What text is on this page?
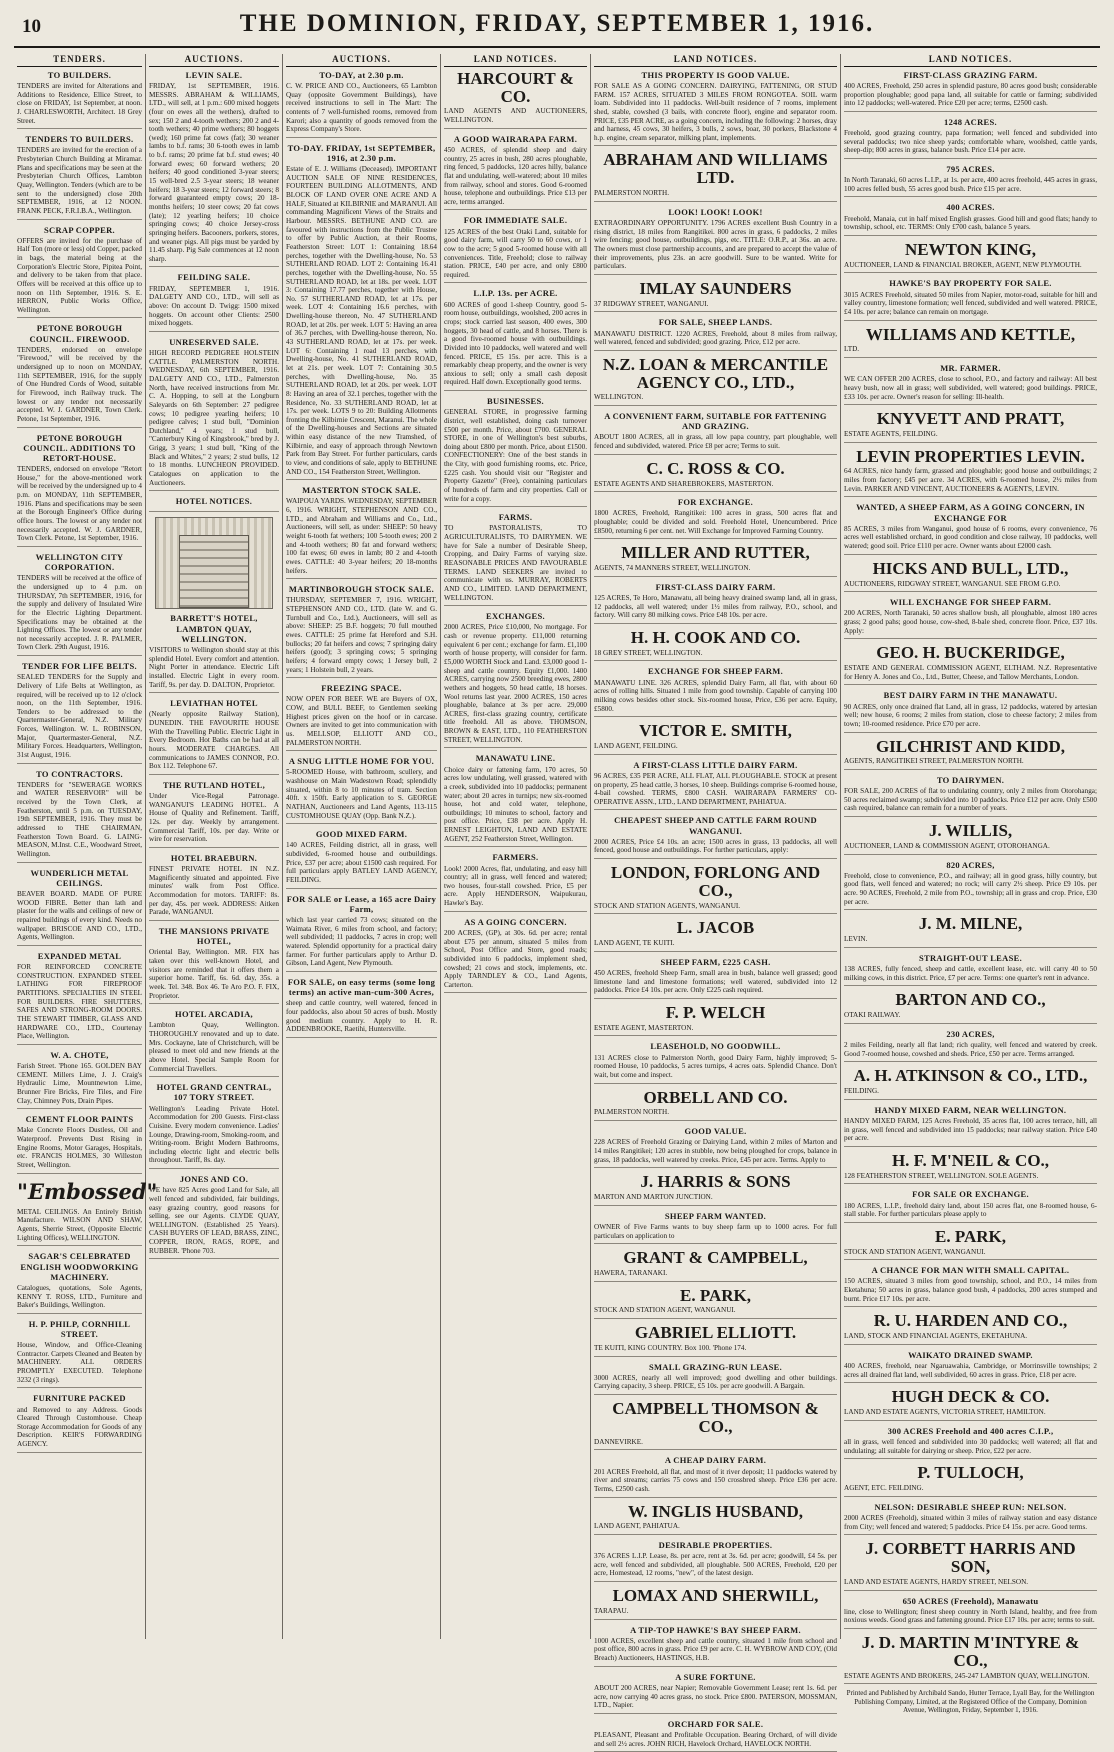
10	THE DOMINION, FRIDAY, SEPTEMBER 1, 1916.
TENDERS.
TO BUILDERS.
TENDERS are invited for Alterations and Additions to Residence, Ellice Street, to close on FRIDAY, 1st September, at noon. J. CHARLESWORTH, Architect. 18 Grey Street.
TENDERS TO BUILDERS.
TENDERS are invited for the erection of a Presbyterian Church Building at Miramar. Plans and specifications may be seen at the Presbyterian Church Offices, Lambton Quay, Wellington. Tenders (which are to be sent to the undersigned) close 20th SEPTEMBER, 1916, at 12 NOON. FRANK PECK, F.R.I.B.A., Wellington.
SCRAP COPPER.
OFFERS are invited for the purchase of Half Ton (more or less) old Copper, packed in bags, the material being at the Corporation's Electric Store, Pipitea Point, and delivery to be taken from that place. Offers will be received at this office up to noon on 11th September, 1916. S. E. HERRON, Public Works Office, Wellington.
PETONE BOROUGH COUNCIL. FIREWOOD.
TENDERS, endorsed on envelope "Firewood," will be received by the undersigned up to noon on MONDAY, 11th SEPTEMBER, 1916, for the supply of One Hundred Cords of Wood, suitable for Firewood, inch Railway truck. The lowest or any tender not necessarily accepted. W. J. GARDNER, Town Clerk. Petone, 1st September, 1916.
PETONE BOROUGH COUNCIL. ADDITIONS TO RETORT-HOUSE.
TENDERS, endorsed on envelope "Retort House," for the above-mentioned work will be received by the undersigned up to 4 p.m. on MONDAY, 11th SEPTEMBER, 1916. Plans and specifications may be seen at the Borough Engineer's Office during office hours. The lowest or any tender not necessarily accepted. W. J. GARDNER, Town Clerk. Petone, 1st September, 1916.
WELLINGTON CITY CORPORATION.
TENDERS will be received at the office of the undersigned up to 4 p.m. on THURSDAY, 7th SEPTEMBER, 1916, for the supply and delivery of Insulated Wire for the Electric Lighting Department. Specifications may be obtained at the Lighting Offices. The lowest or any tender not necessarily accepted. J. R. PALMER, Town Clerk. 29th August, 1916.
TENDER FOR LIFE BELTS.
SEALED TENDERS for the Supply and Delivery of Life Belts at Wellington, as required, will be received up to 12 o'clock noon, on the 11th September, 1916. Tenders to be addressed to the Quartermaster-General, N.Z. Military Forces, Wellington. W. L. ROBINSON, Major, Quartermaster-General, N.Z. Military Forces. Headquarters, Wellington, 31st August, 1916.
TO CONTRACTORS.
TENDERS for "SEWERAGE WORKS and WATER RESERVOIR" will be received by the Town Clerk, at Featherston, until 5 p.m. on TUESDAY, 19th SEPTEMBER, 1916. They must be addressed to THE CHAIRMAN, Featherston Town Board. G. LAING-MEASON, M.Inst. C.E., Woodward Street, Wellington.
WUNDERLICH METAL CEILINGS.
BEAVER BOARD. MADE OF PURE WOOD FIBRE. Better than lath and plaster for the walls and ceilings of new or repaired buildings of every kind. Needs no wallpaper. BRISCOE AND CO., LTD., Agents, Wellington.
EXPANDED METAL
FOR REINFORCED CONCRETE CONSTRUCTION. EXPANDED STEEL LATHING FOR FIREPROOF PARTITIONS. SPECIALTIES IN STEEL FOR BUILDERS. FIRE SHUTTERS, SAFES AND STRONG-ROOM DOORS. THE STEWART TIMBER, GLASS AND HARDWARE CO., LTD., Courtenay Place, Wellington.
W. A. CHOTE,
Farish Street. 'Phone 165. GOLDEN BAY CEMENT. Millers Lime, J. J. Craig's Hydraulic Lime, Mountnewton Lime, Brunner Fire Bricks, Fire Tiles, and Fire Clay, Chimney Pots, Drain Pipes.
CEMENT FLOOR PAINTS
Make Concrete Floors Dustless, Oil and Waterproof. Prevents Dust Rising in Engine Rooms, Motor Garages, Hospitals, etc. FRANCIS HOLMES, 30 Willeston Street, Wellington.
"Embossed"
METAL CEILINGS. An Entirely British Manufacture. WILSON AND SHAW, Agents, Sherrie Street, (Opposite Electric Lighting Offices), WELLINGTON.
SAGAR'S CELEBRATED ENGLISH WOODWORKING MACHINERY.
Catalogues, quotations, Sole Agents, KENNY T. ROSS, LTD., Furniture and Baker's Buildings, Wellington.
H. P. PHILP, CORNHILL STREET.
House, Window, and Office-Cleaning Contractor. Carpets Cleaned and Beaten by MACHINERY. ALL ORDERS PROMPTLY EXECUTED. Telephone 3232 (3 rings).
FURNITURE PACKED
and Removed to any Address. Goods Cleared Through Customhouse. Cheap Storage Accommodation for Goods of any Description. KEIR'S FORWARDING AGENCY.
AUCTIONS.
LEVIN SALE.
FRIDAY, 1st SEPTEMBER, 1916. MESSRS. ABRAHAM & WILLIAMS, LTD., will sell, at 1 p.m.: 600 mixed hoggets (four on ewes all the wethers), drafted to sex; 150 2 and 4-tooth wethers; 200 2 and 4-tooth wethers; 40 prime wethers; 80 hoggets (wed); 160 prime fat cows (fat); 30 weaner lambs to b.f. rams; 30 6-tooth ewes in lamb to b.f. rams; 20 prime fat b.f. stud ewes; 40 forward ewes; 60 forward wethers; 20 heifers; 40 good conditioned 3-year steers; 15 well-bred 2.5 3-year steers; 18 weaner heifers; 18 3-year steers; 12 forward steers; 8 forward guaranteed empty cows; 20 18-months heifers; 10 steer cows; 20 fat cows (late); 12 yearling heifers; 10 choice springing cows; 40 choice Jersey-cross springing heifers. Bacooners, porkers, stores, and weaner pigs. All pigs must be yarded by 11.45 sharp. Pig Sale commences at 12 noon sharp.
FEILDING SALE.
FRIDAY, SEPTEMBER 1, 1916. DALGETY AND CO., LTD., will sell as above: On account D. Twigg: 1500 mixed hoggets. On account other Clients: 2500 mixed hoggets.
UNRESERVED SALE.
HIGH RECORD PEDIGREE HOLSTEIN CATTLE. PALMERSTON NORTH. WEDNESDAY, 6th SEPTEMBER, 1916. DALGETY AND CO., LTD., Palmerston North, have received instructions from Mr. C. A. Hopping, to sell at the Longburn Saleyards on 6th September: 27 pedigree cows; 10 pedigree yearling heifers; 10 pedigree calves; 1 stud bull, "Dominion Dutchland," 4 years; 1 stud bull, "Canterbury King of Kingsbrook," bred by J. Grigg, 3 years; 1 stud bull, "King of the Black and Whites," 2 years; 2 stud bulls, 12 to 18 months. LUNCHEON PROVIDED. Catalogues on application to the Auctioneers.
HOTEL NOTICES.
BARRETT'S HOTEL, LAMBTON QUAY, WELLINGTON.
VISITORS to Wellington should stay at this splendid Hotel. Every comfort and attention. Night Porter in attendance. Electric Lift installed. Electric Light in every room. Tariff, 9s. per day. D. DALTON, Proprietor.
LEVIATHAN HOTEL
(Nearly opposite Railway Station), DUNEDIN. THE FAVOURITE HOUSE With the Travelling Public. Electric Light in Every Bedroom. Hot Baths can be had at all hours. MODERATE CHARGES. All communications to JAMES CONNOR, P.O. Box 112. Telephone 67.
THE RUTLAND HOTEL,
Under Vice-Regal Patronage. WANGANUI'S LEADING HOTEL. A House of Quality and Refinement. Tariff, 12s. per day. Weekly by arrangement. Commercial Tariff, 10s. per day. Write or wire for reservation.
HOTEL BRAEBURN.
FINEST PRIVATE HOTEL IN N.Z. Magnificently situated and appointed. Five minutes' walk from Post Office. Accommodation for motors. TARIFF: 8s. per day, 45s. per week. ADDRESS: Aitken Parade, WANGANUI.
THE MANSIONS PRIVATE HOTEL,
Oriental Bay, Wellington. MR. FIX has taken over this well-known Hotel, and visitors are reminded that it offers them a superior home. Tariff, 6s. 6d. day, 35s. a week. Tel. 348. Box 46. Te Aro P.O. F. FIX, Proprietor.
HOTEL ARCADIA,
Lambton Quay, Wellington. THOROUGHLY renovated and up to date. Mrs. Cockayne, late of Christchurch, will be pleased to meet old and new friends at the above Hotel. Special Sample Room for Commercial Travellers.
HOTEL GRAND CENTRAL, 107 TORY STREET.
Wellington's Leading Private Hotel. Accommodation for 200 Guests. First-class Cuisine. Every modern convenience. Ladies' Lounge, Drawing-room, Smoking-room, and Writing-room. Bright Modern Bathrooms, including electric light and electric bells throughout. Tariff, 8s. day.
JONES AND CO.
WE have 825 Acres good Land for Sale, all well fenced and subdivided, fair buildings, easy grazing country, good reasons for selling, see our Agents. CLYDE QUAY, WELLINGTON. (Established 25 Years). CASH BUYERS OF LEAD, BRASS, ZINC, COPPER, IRON, RAGS, ROPE, and RUBBER. 'Phone 703.
AUCTIONS.
TO-DAY, at 2.30 p.m.
C. W. PRICE AND CO., Auctioneers, 65 Lambton Quay (opposite Government Buildings), have received instructions to sell in The Mart: The contents of 7 well-furnished rooms, removed from Karori; also a quantity of goods removed from the Express Company's Store.
TO-DAY. FRIDAY, 1st SEPTEMBER, 1916, at 2.30 p.m.
Estate of E. J. Williams (Deceased). IMPORTANT AUCTION SALE OF NINE RESIDENCES, FOURTEEN BUILDING ALLOTMENTS, AND BLOCK OF LAND OVER ONE ACRE AND A HALF, Situated at KILBIRNIE and MARANUI. All commanding Magnificent Views of the Straits and Harbour. MESSRS. BETHUNE AND CO. are favoured with instructions from the Public Trustee to offer by Public Auction, at their Rooms, Featherston Street: LOT 1: Containing 18.64 perches, together with the Dwelling-house, No. 53 SUTHERLAND ROAD. LOT 2: Containing 16.41 perches, together with the Dwelling-house, No. 55 SUTHERLAND ROAD, let at 18s. per week. LOT 3: Containing 17.77 perches, together with House, No. 57 SUTHERLAND ROAD, let at 17s. per week. LOT 4: Containing 16.6 perches, with Dwelling-house thereon, No. 47 SUTHERLAND ROAD, let at 20s. per week. LOT 5: Having an area of 36.7 perches, with Dwelling-house thereon, No. 43 SUTHERLAND ROAD, let at 17s. per week. LOT 6: Containing 1 road 13 perches, with Dwelling-house, No. 41 SUTHERLAND ROAD, let at 21s. per week. LOT 7: Containing 30.5 perches, with Dwelling-house, No. 35 SUTHERLAND ROAD, let at 20s. per week. LOT 8: Having an area of 32.1 perches, together with the Residence, No. 33 SUTHERLAND ROAD, let at 17s. per week. LOTS 9 to 20: Building Allotments fronting the Kilbirnie Crescent, Maranui. The whole of the Dwelling-houses and Sections are situated within easy distance of the new Tramshed, of Kilbirnie, and easy of approach through Newtown Park from Bay Street. For further particulars, cards to view, and conditions of sale, apply to BETHUNE AND CO., 154 Featherston Street, Wellington.
MASTERTON STOCK SALE.
WAIPOUA YARDS. WEDNESDAY, SEPTEMBER 6, 1916. WRIGHT, STEPHENSON AND CO., LTD., and Abraham and Williams and Co., Ltd., Auctioneers, will sell, as under: SHEEP: 50 heavy weight 6-tooth fat wethers; 100 5-tooth ewes; 200 2 and 4-tooth wethers; 80 fat and forward wethers; 100 fat ewes; 60 ewes in lamb; 80 2 and 4-tooth ewes. CATTLE: 40 3-year heifers; 20 18-months heifers.
MARTINBOROUGH STOCK SALE.
THURSDAY, SEPTEMBER 7, 1916. WRIGHT, STEPHENSON AND CO., LTD. (late W. and G. Turnbull and Co., Ltd.), Auctioneers, will sell as above: SHEEP: 25 B.F. hoggets; 70 full mouthed ewes. CATTLE: 25 prime fat Hereford and S.H. bullocks; 20 fat heifers and cows; 7 springing dairy heifers (good); 3 springing cows; 5 springing heifers; 4 forward empty cows; 1 Jersey bull, 2 years; 1 Holstein bull, 2 years.
FREEZING SPACE.
NOW OPEN FOR BEEF. WE are Buyers of OX, COW, and BULL BEEF, to Gentlemen seeking Highest prices given on the hoof or in carcase. Owners are invited to get into communication with us. MELLSOP, ELLIOTT AND CO., PALMERSTON NORTH.
A SNUG LITTLE HOME FOR YOU.
5-ROOMED House, with bathroom, scullery, and washhouse on Main Wadestown Road; splendidly situated, within 8 to 10 minutes of tram. Section 40ft. x 150ft. Early application to S. GEORGE NATHAN, Auctioneers and Land Agents, 113-115 CUSTOMHOUSE QUAY (Opp. Bank N.Z.).
GOOD MIXED FARM.
140 ACRES, Feilding district, all in grass, well subdivided, 6-roomed house and outbuildings. Price, £37 per acre; about £1500 cash required. For full particulars apply BATLEY LAND AGENCY, FEILDING.
FOR SALE or Lease, a 165 acre Dairy Farm,
which last year carried 73 cows; situated on the Waimata River, 6 miles from school, and factory; well subdivided; 11 paddocks, 7 acres in crop; well watered. Splendid opportunity for a practical dairy farmer. For further particulars apply to Arthur D. Gibson, Land Agent, New Plymouth.
FOR SALE, on easy terms (some long terms) an active man-cum-300 Acres,
sheep and cattle country, well watered, fenced in four paddocks, also about 50 acres of bush. Mostly good medium country. Apply to H. R. ADDENBROOKE, Raetihi, Huntersville.
LAND NOTICES.
HARCOURT & CO.
LAND AGENTS AND AUCTIONEERS, WELLINGTON.
A GOOD WAIRARAPA FARM.
450 ACRES, of splendid sheep and dairy country, 25 acres in bush, 280 acres ploughable, ring fenced, 5 paddocks, 120 acres hilly, balance flat and undulating, well-watered; about 10 miles from railway, school and stores. Good 6-roomed house, telephone and outbuildings. Price £13 per acre, terms arranged.
FOR IMMEDIATE SALE.
125 ACRES of the best Otaki Land, suitable for good dairy farm, will carry 50 to 60 cows, or 1 cow to the acre; 5 good 5-roomed house with all conveniences. Title, Freehold; close to railway station. PRICE, £40 per acre, and only £800 required.
L.I.P. 13s. per ACRE.
600 ACRES of good 1-sheep Country, good 5-room house, outbuildings, woolshed, 200 acres in crops; stock carried last season, 400 ewes, 300 hoggets, 30 head of cattle, and 8 horses. There is a good five-roomed house with outbuildings. Divided into 10 paddocks, well watered and well fenced. PRICE, £5 15s. per acre. This is a remarkably cheap property, and the owner is very anxious to sell; only a small cash deposit required. Half down. Exceptionally good terms.
BUSINESSES.
GENERAL STORE, in progressive farming district, well established, doing cash turnover £500 per month. Price, about £700. GENERAL STORE, in one of Wellington's best suburbs, doing about £800 per month. Price, about £1500. CONFECTIONERY: One of the best stands in the City, with good furnishing rooms, etc. Price, £225 cash. You should visit our "Register and Property Gazette" (Free), containing particulars of hundreds of farm and city properties. Call or write for a copy.
FARMS.
TO PASTORALISTS, TO AGRICULTURALISTS, TO DAIRYMEN. WE have for Sale a number of Desirable Sheep, Cropping, and Dairy Farms of varying size. REASONABLE PRICES AND FAVOURABLE TERMS. LAND SEEKERS are invited to communicate with us. MURRAY, ROBERTS AND CO., LIMITED. LAND DEPARTMENT, WELLINGTON.
EXCHANGES.
2000 ACRES, Price £10,000, No mortgage. For cash or revenue property. £11,000 returning equivalent 6 per cent.; exchange for farm. £1,100 worth of house property, will consider for farm. £5,000 WORTH Stock and Land. £3,000 good 1-sheep and cattle country. Equity £1,000. 1400 ACRES, carrying now 2500 breeding ewes, 2800 wethers and hoggets, 50 head cattle, 18 horses. Wool returns last year. 2000 ACRES, 150 acres ploughable, balance at 3s per acre. 29,000 ACRES, first-class grazing country, certificate title freehold. All as above. THOMSON, BROWN & EAST, LTD., 110 FEATHERSTON STREET, WELLINGTON.
MANAWATU LINE.
Choice dairy or fattening farm, 170 acres, 50 acres low undulating, well grassed, watered with a creek, subdivided into 10 paddocks; permanent water; about 20 acres in turnips; new six-roomed house, hot and cold water, telephone, outbuildings; 10 minutes to school, factory and post office. Price, £38 per acre. Apply H. ERNEST LEIGHTON, LAND AND ESTATE AGENT, 252 Featherston Street, Wellington.
FARMERS.
Look! 2000 Acres, flat, undulating, and easy hill country; all in grass, well fenced and watered; two houses, four-stall cowshed. Price, £5 per acre. Apply HENDERSON, Waipukurau, Hawke's Bay.
AS A GOING CONCERN.
200 ACRES, (GP), at 30s. 6d. per acre; rental about £75 per annum, situated 5 miles from School, Post Office and Store, good roads; subdivided into 6 paddocks, implement shed, cowshed; 21 cows and stock, implements, etc. Apply TARNDLEY & CO., Land Agents, Carterton.
LAND NOTICES.
THIS PROPERTY IS GOOD VALUE.
FOR SALE AS A GOING CONCERN. DAIRYING, FATTENING, OR STUD FARM. 157 ACRES, SITUATED 3 MILES FROM RONGOTEA. SOIL warm loam. Subdivided into 11 paddocks. Well-built residence of 7 rooms, implement shed, stable, cowshed (3 bails, with concrete floor), engine and separator room. PRICE, £35 PER ACRE, as a going concern, including the following: 2 horses, dray and harness, 45 cows, 30 heifers, 3 bulls, 2 sows, boar, 30 porkers, Blackstone 4 h.p. engine, cream separator, milking plant, implements.
ABRAHAM AND WILLIAMS LTD.
PALMERSTON NORTH.
LOOK! LOOK! LOOK!
EXTRAORDINARY OPPORTUNITY. 1796 ACRES excellent Bush Country in a rising district, 18 miles from Rangitikei. 800 acres in grass, 6 paddocks, 2 miles wire fencing; good house, outbuildings, pigs, etc. TITLE: O.R.P., at 36s. an acre. The owners must close partnership accounts, and are prepared to accept the value of their improvements, plus 23s. an acre goodwill. Sure to be wanted. Write for particulars.
IMLAY SAUNDERS
37 RIDGWAY STREET, WANGANUI.
FOR SALE, SHEEP LANDS.
MANAWATU DISTRICT. 1220 ACRES, Freehold, about 8 miles from railway, well watered, fenced and subdivided; good grazing. Price, £12 per acre.
N.Z. LOAN & MERCANTILE AGENCY CO., LTD.,
WELLINGTON.
A CONVENIENT FARM, SUITABLE FOR FATTENING AND GRAZING.
ABOUT 1800 ACRES, all in grass, all low papa country, part ploughable, well fenced and subdivided, watered. Price £8 per acre; Terms to suit.
C. C. ROSS & CO.
ESTATE AGENTS AND SHAREBROKERS, MASTERTON.
FOR EXCHANGE.
1800 ACRES, Freehold, Rangitikei: 100 acres in grass, 500 acres flat and ploughable; could be divided and sold. Freehold Hotel, Unencumbered. Price £8500, returning 6 per cent. net. Will Exchange for Improved Farming Country.
MILLER AND RUTTER,
AGENTS, 74 MANNERS STREET, WELLINGTON.
FIRST-CLASS DAIRY FARM.
125 ACRES, Te Horo, Manawatu, all being heavy drained swamp land, all in grass, 12 paddocks, all well watered; under 1½ miles from railway, P.O., school, and factory. Will carry 80 milking cows. Price £48 10s. per acre.
H. H. COOK AND CO.
18 GREY STREET, WELLINGTON.
EXCHANGE FOR SHEEP FARM.
MANAWATU LINE. 326 ACRES, splendid Dairy Farm, all flat, with about 60 acres of rolling hills. Situated 1 mile from good township. Capable of carrying 100 milking cows besides other stock. Six-roomed house, Price, £36 per acre. Equity, £5800.
VICTOR E. SMITH,
LAND AGENT, FEILDING.
A FIRST-CLASS LITTLE DAIRY FARM.
96 ACRES, £35 PER ACRE, ALL FLAT, ALL PLOUGHABLE. STOCK at present on property, 25 head cattle, 3 horses, 10 sheep. Buildings comprise 6-roomed house, 4-bail cowshed. TERMS, £800 CASH. WAIRARAPA FARMERS' CO-OPERATIVE ASSN., LTD., LAND DEPARTMENT, PAHIATUA.
CHEAPEST SHEEP AND CATTLE FARM ROUND WANGANUI.
2000 ACRES, Price £4 10s. an acre; 1500 acres in grass, 13 paddocks, all well fenced, good house and outbuildings. For further particulars, apply:
LONDON, FORLONG AND CO.,
STOCK AND STATION AGENTS, WANGANUI.
L. JACOB
LAND AGENT, TE KUITI.
SHEEP FARM, £225 CASH.
450 ACRES, freehold Sheep Farm, small area in bush, balance well grassed; good limestone land and limestone formations; well watered, subdivided into 12 paddocks. Price £4 10s. per acre. Only £225 cash required.
F. P. WELCH
ESTATE AGENT, MASTERTON.
LEASEHOLD, NO GOODWILL.
131 ACRES close to Palmerston North, good Dairy Farm, highly improved; 5-roomed House, 10 paddocks, 5 acres turnips, 4 acres oats. Splendid Chance. Don't wait, but come and inspect.
ORBELL AND CO.
PALMERSTON NORTH.
GOOD VALUE.
228 ACRES of Freehold Grazing or Dairying Land, within 2 miles of Marton and 14 miles Rangitikei; 120 acres in stubble, now being ploughed for crops, balance in grass, 18 paddocks, well watered by creeks. Price, £45 per acre. Terms. Apply to
J. HARRIS & SONS
MARTON AND MARTON JUNCTION.
SHEEP FARM WANTED.
OWNER of Five Farms wants to buy sheep farm up to 1000 acres. For full particulars on application to
GRANT & CAMPBELL,
HAWERA, TARANAKI.
E. PARK,
STOCK AND STATION AGENT, WANGANUI.
GABRIEL ELLIOTT.
TE KUITI, KING COUNTRY. Box 100. 'Phone 174.
SMALL GRAZING-RUN LEASE.
3000 ACRES, nearly all well improved; good dwelling and other buildings. Carrying capacity, 3 sheep. PRICE, £5 10s. per acre goodwill. A Bargain.
CAMPBELL THOMSON & CO.,
DANNEVIRKE.
A CHEAP DAIRY FARM.
201 ACRES Freehold, all flat, and most of it river deposit; 11 paddocks watered by river and streams; carries 75 cows and 150 crossbred sheep. Price £36 per acre. Terms, £2500 cash.
W. INGLIS HUSBAND,
LAND AGENT, PAHIATUA.
DESIRABLE PROPERTIES.
376 ACRES L.I.P. Lease, 8s. per acre, rent at 3s. 6d. per acre; goodwill, £4 5s. per acre, well fenced and subdivided, all ploughable. 500 ACRES, Freehold, £20 per acre, Homestead, 12 rooms, "new", of the latest design.
LOMAX AND SHERWILL,
TARAPAU.
A TIP-TOP HAWKE'S BAY SHEEP FARM.
1000 ACRES, excellent sheep and cattle country, situated 1 mile from school and post office, 800 acres in grass. Price £9 per acre. C. H. WYBROW AND COY, (Old Breach) Auctioneers, HASTINGS, H.B.
A SURE FORTUNE.
ABOUT 200 ACRES, near Napier; Removable Government Lease; rent 1s. 6d. per acre, now carrying 40 acres grass, no stock. Price £800. PATERSON, MOSSMAN, LTD., Napier.
ORCHARD FOR SALE.
PLEASANT, Pleasant and Profitable Occupation. Bearing Orchard, of will divide and sell 2½ acres. JOHN RICH, Havelock Orchard, HAVELOCK NORTH.
LAND NOTICES.
FIRST-CLASS GRAZING FARM.
400 ACRES, Freehold, 250 acres in splendid pasture, 80 acres good bush; considerable proportion ploughable; good papa land, all suitable for cattle or farming; subdivided into 12 paddocks; well-watered. Price £20 per acre; terms, £2500 cash.
1248 ACRES.
Freehold, good grazing country, papa formation; well fenced and subdivided into several paddocks; two nice sheep yards; comfortable whare, woolshed, cattle yards, sheep-dip; 800 acres in grass, balance bush. Price £14 per acre.
795 ACRES.
In North Taranaki, 60 acres L.I.P., at 1s. per acre, 400 acres freehold, 445 acres in grass, 100 acres felled bush, 55 acres good bush. Price £15 per acre.
400 ACRES.
Freehold, Manaia, cut in half mixed English grasses. Good hill and good flats; handy to township, school, etc. TERMS: Only £700 cash, balance 5 years.
NEWTON KING,
AUCTIONEER, LAND & FINANCIAL BROKER, AGENT, NEW PLYMOUTH.
HAWKE'S BAY PROPERTY FOR SALE.
3015 ACRES Freehold, situated 50 miles from Napier, motor-road, suitable for hill and valley country, limestone formation; well fenced, subdivided and well watered. PRICE, £4 10s. per acre; balance can remain on mortgage.
WILLIAMS AND KETTLE,
LTD.
MR. FARMER.
WE CAN OFFER 200 ACRES, close to school, P.O., and factory and railway: All best heavy bush, now all in grass; well subdivided, well watered; good buildings. PRICE, £33 10s. per acre. Owner's reason for selling: Ill-health.
KNYVETT AND PRATT,
ESTATE AGENTS, FEILDING.
LEVIN PROPERTIES LEVIN.
64 ACRES, nice handy farm, grassed and ploughable; good house and outbuildings; 2 miles from factory; £45 per acre. 34 ACRES, with 6-roomed house, 2½ miles from Levin. PARKER AND VINCENT, AUCTIONEERS & AGENTS, LEVIN.
WANTED, A SHEEP FARM, AS A GOING CONCERN, IN EXCHANGE FOR
85 ACRES, 3 miles from Wanganui, good house of 6 rooms, every convenience, 76 acres well established orchard, in good condition and close railway, 10 paddocks, well watered; good soil. Price £110 per acre. Owner wants about £2000 cash.
HICKS AND BULL, LTD.,
AUCTIONEERS, RIDGWAY STREET, WANGANUI. SEE FROM G.P.O.
WILL EXCHANGE FOR SHEEP FARM.
200 ACRES, North Taranaki, 50 acres shallow bush, all ploughable, almost 180 acres grass; 2 good pahs; good house, cow-shed, 8-bale shed, concrete floor. Price, £37 10s. Apply:
GEO. H. BUCKERIDGE,
ESTATE AND GENERAL COMMISSION AGENT, ELTHAM. N.Z. Representative for Henry A. Jones and Co., Ltd., Butter, Cheese, and Tallow Merchants, London.
BEST DAIRY FARM IN THE MANAWATU.
90 ACRES, only once drained flat Land, all in grass, 12 paddocks, watered by artesian well; new house, 6 rooms; 2 miles from station, close to cheese factory; 2 miles from town; 10-roomed residence. Price £70 per acre.
GILCHRIST AND KIDD,
AGENTS, RANGITIKEI STREET, PALMERSTON NORTH.
TO DAIRYMEN.
FOR SALE, 200 ACRES of flat to undulating country, only 2 miles from Otorohanga; 50 acres reclaimed swamp; subdivided into 10 paddocks. Price £12 per acre. Only £500 cash required, balance can remain for a number of years.
J. WILLIS,
AUCTIONEER, LAND & COMMISSION AGENT, OTOROHANGA.
820 ACRES,
Freehold, close to convenience, P.O., and railway; all in good grass, hilly country, but good flats, well fenced and watered; no rock; will carry 2½ sheep. Price £9 10s. per acre. 90 ACRES, Freehold, 2 mile from P.O., township; all in grass and crop. Price, £30 per acre.
J. M. MILNE,
LEVIN.
STRAIGHT-OUT LEASE.
138 ACRES, fully fenced, sheep and cattle, excellent lease, etc. will carry 40 to 50 milking cows, in this district. Price, £7 per acre. Terms: one quarter's rent in advance.
BARTON AND CO.,
OTAKI RAILWAY.
230 ACRES,
2 miles Feilding, nearly all flat land; rich quality, well fenced and watered by creek. Good 7-roomed house, cowshed and sheds. Price, £50 per acre. Terms arranged.
A. H. ATKINSON & CO., LTD.,
FEILDING.
HANDY MIXED FARM, NEAR WELLINGTON.
HANDY MIXED FARM, 125 Acres Freehold, 35 acres flat, 100 acres terrace, hill, all in grass, well fenced and subdivided into 15 paddocks; near railway station. Price £40 per acre.
H. F. M'NEIL & CO.,
128 FEATHERSTON STREET, WELLINGTON. SOLE AGENTS.
FOR SALE OR EXCHANGE.
180 ACRES, L.I.P., freehold dairy land, about 150 acres flat, one 8-roomed house, 6-stall stable. For further particulars please apply to
E. PARK,
STOCK AND STATION AGENT, WANGANUI.
A CHANCE FOR MAN WITH SMALL CAPITAL.
150 ACRES, situated 3 miles from good township, school, and P.O., 14 miles from Eketahuna; 50 acres in grass, balance good bush, 4 paddocks, 200 acres stumped and burnt. Price £17 10s. per acre.
R. U. HARDEN AND CO.,
LAND, STOCK AND FINANCIAL AGENTS, EKETAHUNA.
WAIKATO DRAINED SWAMP.
400 ACRES, freehold, near Ngaruawahia, Cambridge, or Morrinsville townships; 2 acres all drained flat land, well subdivided, 60 acres in grass. Price, £18 per acre.
HUGH DECK & CO.
LAND AND ESTATE AGENTS, VICTORIA STREET, HAMILTON.
300 ACRES Freehold and 400 acres C.I.P.,
all in grass, well fenced and subdivided into 30 paddocks; well watered; all flat and undulating; all suitable for dairying or sheep. Price, £22 per acre.
P. TULLOCH,
AGENT, ETC. FEILDING.
NELSON: DESIRABLE SHEEP RUN: NELSON.
2000 ACRES (Freehold), situated within 3 miles of railway station and easy distance from City; well fenced and watered; 5 paddocks. Price £4 15s. per acre. Good terms.
J. CORBETT HARRIS AND SON,
LAND AND ESTATE AGENTS, HARDY STREET, NELSON.
650 ACRES (Freehold), Manawatu
line, close to Wellington; finest sheep country in North Island, healthy, and free from noxious weeds. Good grass and fattening ground. Price £17 10s. per acre; terms to suit.
J. D. MARTIN M'INTYRE & CO.,
ESTATE AGENTS AND BROKERS, 245-247 LAMBTON QUAY, WELLINGTON.
Printed and Published by Archibald Sando, Hutter Terrace, Lyall Bay, for the Wellington Publishing Company, Limited, at the Registered Office of the Company, Dominion Avenue, Wellington, Friday, September 1, 1916.
